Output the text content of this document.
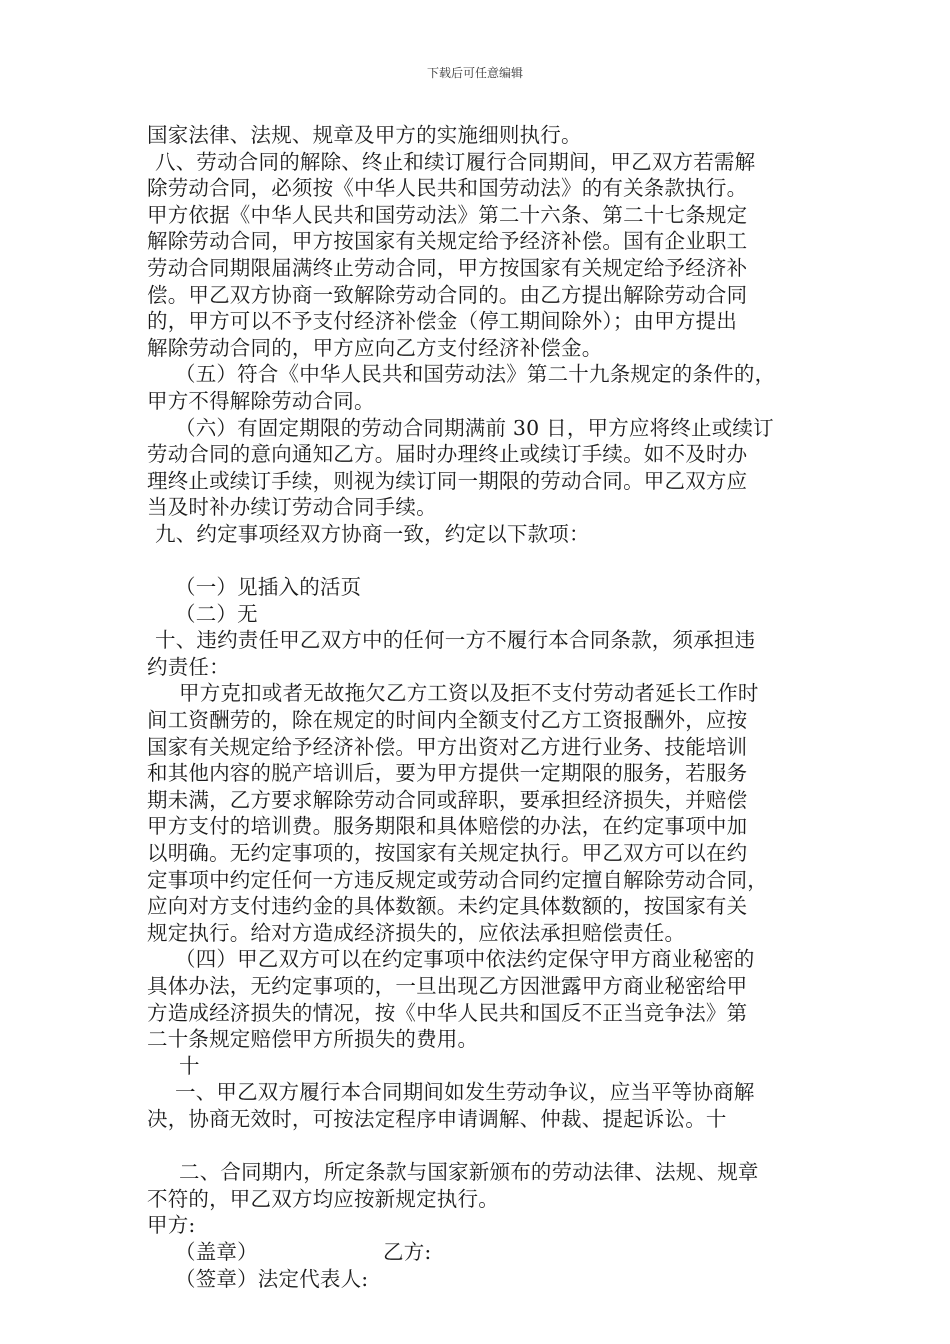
下载后可任意编辑
国家法律、法规、规章及甲方的实施细则执行。
八、劳动合同的解除、终止和续订履行合同期间，甲乙双方若需解
除劳动合同，必须按《中华人民共和国劳动法》的有关条款执行。
甲方依据《中华人民共和国劳动法》第二十六条、第二十七条规定
解除劳动合同，甲方按国家有关规定给予经济补偿。国有企业职工
劳动合同期限届满终止劳动合同，甲方按国家有关规定给予经济补
偿。甲乙双方协商一致解除劳动合同的。由乙方提出解除劳动合同
的，甲方可以不予支付经济补偿金（停工期间除外）；由甲方提出
解除劳动合同的，甲方应向乙方支付经济补偿金。
（五）符合《中华人民共和国劳动法》第二十九条规定的条件的，
甲方不得解除劳动合同。
（六）有固定期限的劳动合同期满前 30 日，甲方应将终止或续订
劳动合同的意向通知乙方。届时办理终止或续订手续。如不及时办
理终止或续订手续，则视为续订同一期限的劳动合同。甲乙双方应
当及时补办续订劳动合同手续。
九、约定事项经双方协商一致，约定以下款项：
（一）见插入的活页
（二）无
十、违约责任甲乙双方中的任何一方不履行本合同条款，须承担违
约责任：
甲方克扣或者无故拖欠乙方工资以及拒不支付劳动者延长工作时
间工资酬劳的，除在规定的时间内全额支付乙方工资报酬外，应按
国家有关规定给予经济补偿。甲方出资对乙方进行业务、技能培训
和其他内容的脱产培训后，要为甲方提供一定期限的服务，若服务
期未满，乙方要求解除劳动合同或辞职，要承担经济损失，并赔偿
甲方支付的培训费。服务期限和具体赔偿的办法，在约定事项中加
以明确。无约定事项的，按国家有关规定执行。甲乙双方可以在约
定事项中约定任何一方违反规定或劳动合同约定擅自解除劳动合同，
应向对方支付违约金的具体数额。未约定具体数额的，按国家有关
规定执行。给对方造成经济损失的，应依法承担赔偿责任。
（四）甲乙双方可以在约定事项中依法约定保守甲方商业秘密的
具体办法，无约定事项的，一旦出现乙方因泄露甲方商业秘密给甲
方造成经济损失的情况，按《中华人民共和国反不正当竞争法》第
二十条规定赔偿甲方所损失的费用。
十
一、甲乙双方履行本合同期间如发生劳动争议，应当平等协商解
决，协商无效时，可按法定程序申请调解、仲裁、提起诉讼。十
二、合同期内，所定条款与国家新颁布的劳动法律、法规、规章
不符的，甲乙双方均应按新规定执行。
甲方:
（盖章）	乙方:
（签章）法定代表人:
